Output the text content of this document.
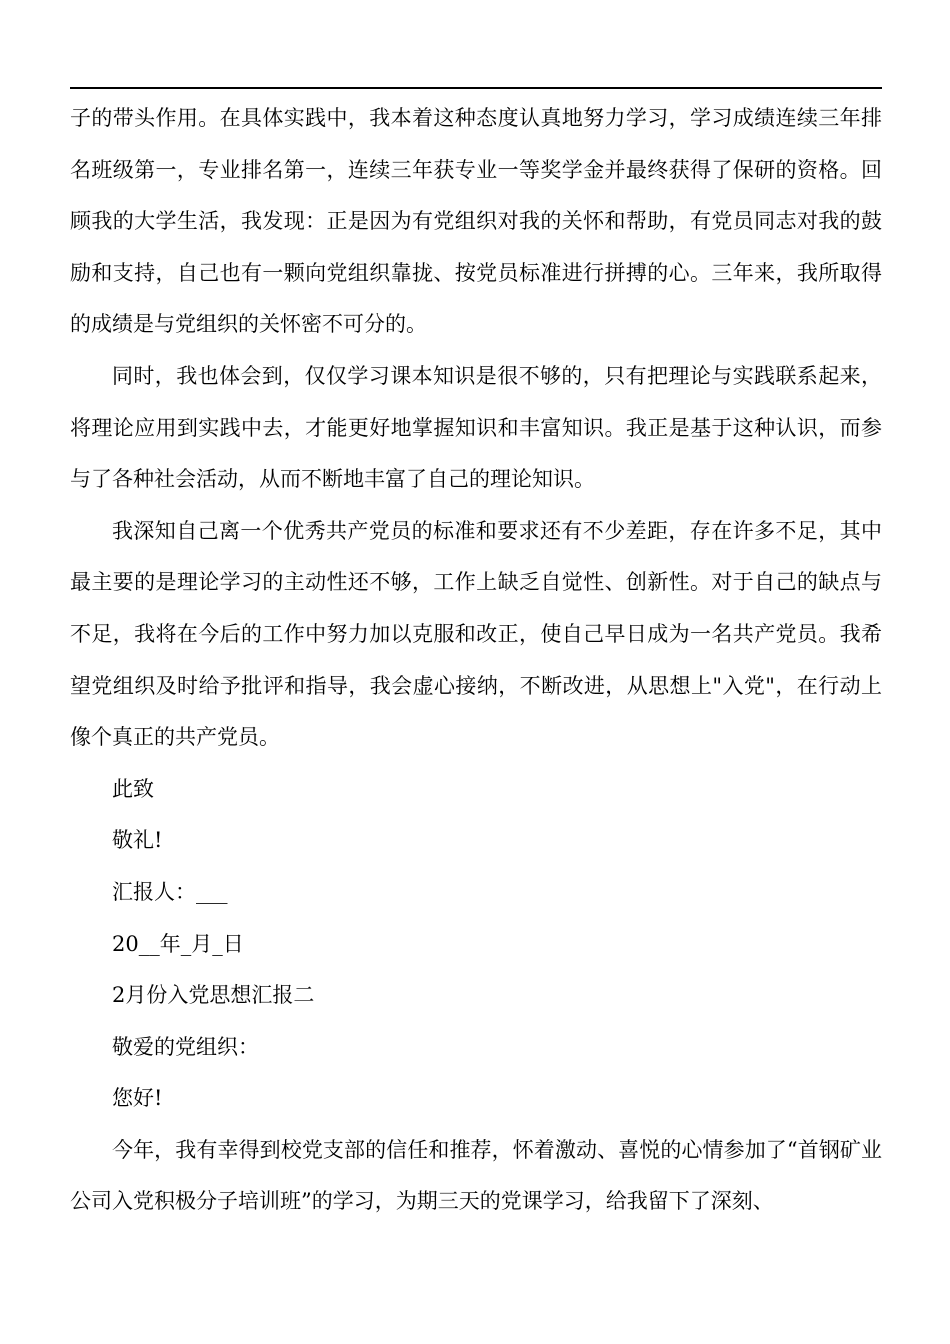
子的带头作用。在具体实践中，我本着这种态度认真地努力学习，学习成绩连续三年排名班级第一，专业排名第一，连续三年获专业一等奖学金并最终获得了保研的资格。回顾我的大学生活，我发现：正是因为有党组织对我的关怀和帮助，有党员同志对我的鼓励和支持，自己也有一颗向党组织靠拢、按党员标准进行拼搏的心。三年来，我所取得的成绩是与党组织的关怀密不可分的。

同时，我也体会到，仅仅学习课本知识是很不够的，只有把理论与实践联系起来，将理论应用到实践中去，才能更好地掌握知识和丰富知识。我正是基于这种认识，而参与了各种社会活动，从而不断地丰富了自己的理论知识。

我深知自己离一个优秀共产党员的标准和要求还有不少差距，存在许多不足，其中最主要的是理论学习的主动性还不够，工作上缺乏自觉性、创新性。对于自己的缺点与不足，我将在今后的工作中努力加以克服和改正，使自己早日成为一名共产党员。我希望党组织及时给予批评和指导，我会虚心接纳，不断改进，从思想上"入党"，在行动上像个真正的共产党员。

此致

敬礼!

汇报人：___

20__年_月_日

2月份入党思想汇报二

敬爱的党组织：

您好!

今年，我有幸得到校党支部的信任和推荐，怀着激动、喜悦的心情参加了“首钢矿业公司入党积极分子培训班”的学习，为期三天的党课学习，给我留下了深刻、
